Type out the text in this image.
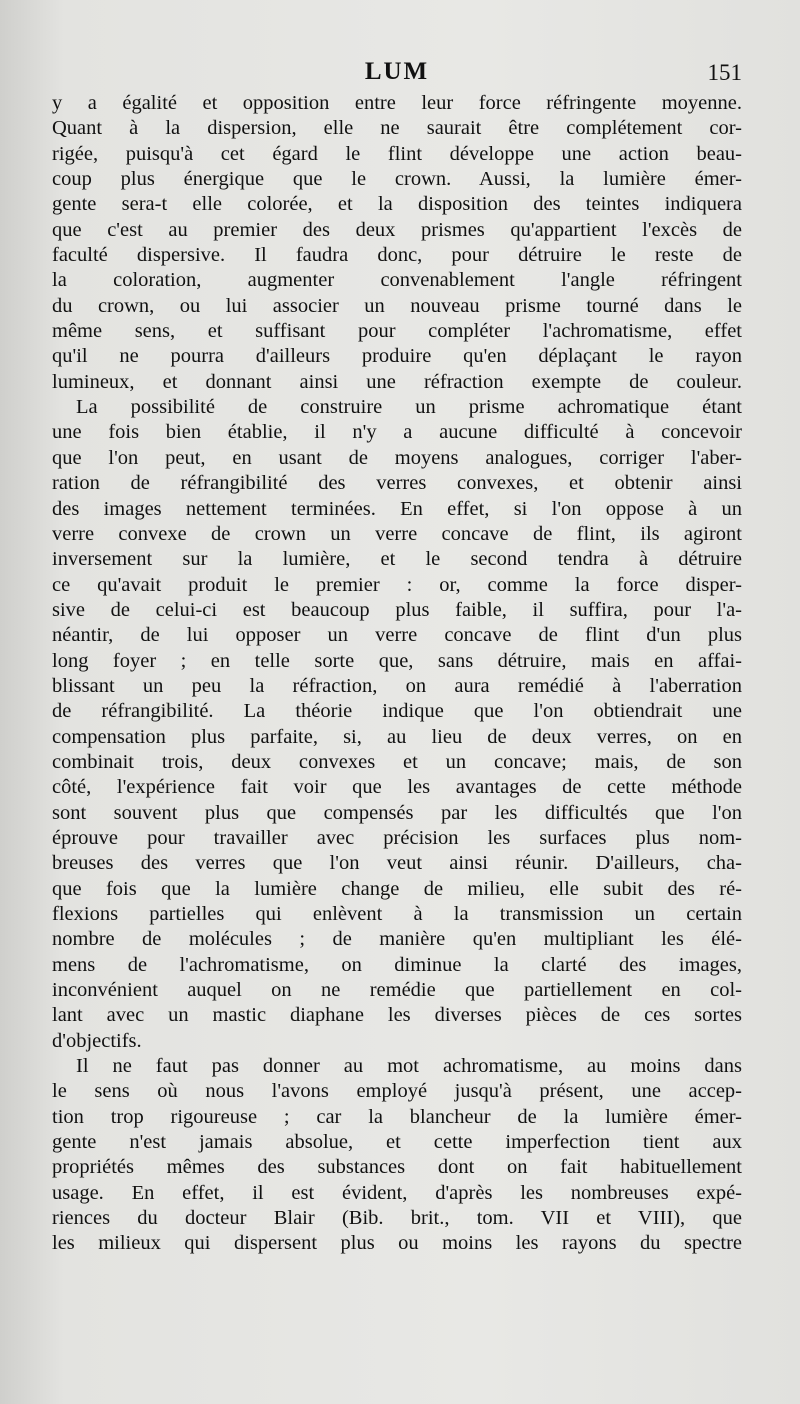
LUM	151
y a égalité et opposition entre leur force réfringente moyenne.
Quant à la dispersion, elle ne saurait être complétement cor-
rigée, puisqu'à cet égard le flint développe une action beau-
coup plus énergique que le crown. Aussi, la lumière émer-
gente sera-t elle colorée, et la disposition des teintes indiquera
que c'est au premier des deux prismes qu'appartient l'excès de
faculté dispersive. Il faudra donc, pour détruire le reste de
la coloration, augmenter convenablement l'angle réfringent
du crown, ou lui associer un nouveau prisme tourné dans le
même sens, et suffisant pour compléter l'achromatisme, effet
qu'il ne pourra d'ailleurs produire qu'en déplaçant le rayon
lumineux, et donnant ainsi une réfraction exempte de couleur.
La possibilité de construire un prisme achromatique étant
une fois bien établie, il n'y a aucune difficulté à concevoir
que l'on peut, en usant de moyens analogues, corriger l'aber-
ration de réfrangibilité des verres convexes, et obtenir ainsi
des images nettement terminées. En effet, si l'on oppose à un
verre convexe de crown un verre concave de flint, ils agiront
inversement sur la lumière, et le second tendra à détruire
ce qu'avait produit le premier : or, comme la force disper-
sive de celui-ci est beaucoup plus faible, il suffira, pour l'a-
néantir, de lui opposer un verre concave de flint d'un plus
long foyer ; en telle sorte que, sans détruire, mais en affai-
blissant un peu la réfraction, on aura remédié à l'aberration
de réfrangibilité. La théorie indique que l'on obtiendrait une
compensation plus parfaite, si, au lieu de deux verres, on en
combinait trois, deux convexes et un concave; mais, de son
côté, l'expérience fait voir que les avantages de cette méthode
sont souvent plus que compensés par les difficultés que l'on
éprouve pour travailler avec précision les surfaces plus nom-
breuses des verres que l'on veut ainsi réunir. D'ailleurs, cha-
que fois que la lumière change de milieu, elle subit des ré-
flexions partielles qui enlèvent à la transmission un certain
nombre de molécules ; de manière qu'en multipliant les élé-
mens de l'achromatisme, on diminue la clarté des images,
inconvénient auquel on ne remédie que partiellement en col-
lant avec un mastic diaphane les diverses pièces de ces sortes
d'objectifs.
Il ne faut pas donner au mot achromatisme, au moins dans
le sens où nous l'avons employé jusqu'à présent, une accep-
tion trop rigoureuse ; car la blancheur de la lumière émer-
gente n'est jamais absolue, et cette imperfection tient aux
propriétés mêmes des substances dont on fait habituellement
usage. En effet, il est évident, d'après les nombreuses expé-
riences du docteur Blair (Bib. brit., tom. VII et VIII), que
les milieux qui dispersent plus ou moins les rayons du spectre
